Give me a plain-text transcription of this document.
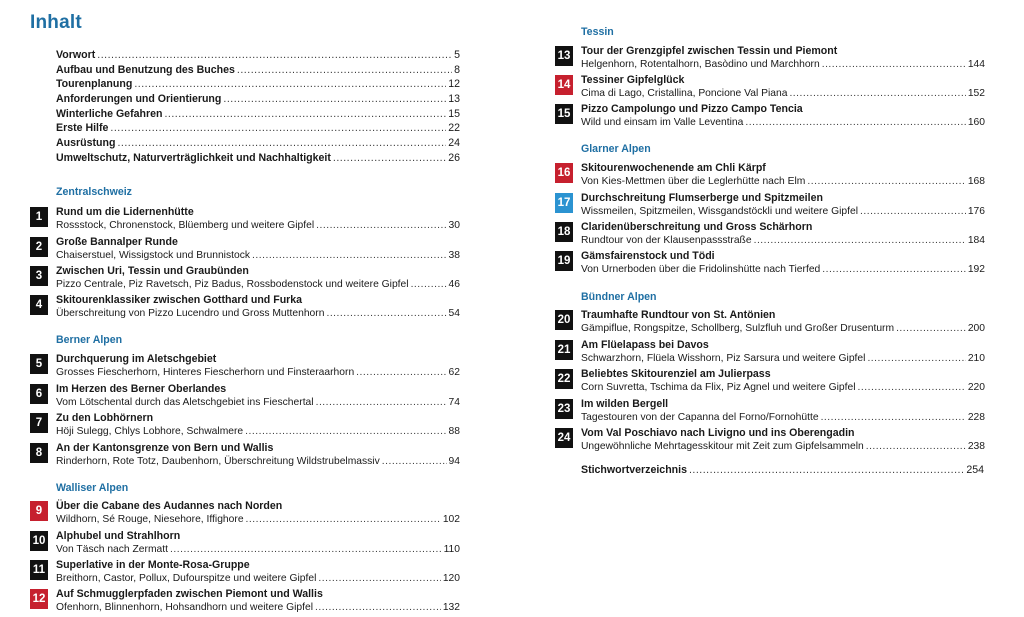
Inhalt
Vorwort .....	5
Aufbau und Benutzung des Buches .....	8
Tourenplanung .....	12
Anforderungen und Orientierung .....	13
Winterliche Gefahren .....	15
Erste Hilfe .....	22
Ausrüstung .....	24
Umweltschutz, Naturverträglichkeit und Nachhaltigkeit .....	26
Zentralschweiz
Berner Alpen
Walliser Alpen
Tessin
Glarner Alpen
Bündner Alpen
1	Rund um die Lidernenhütte
Rossstock, Chronenstock, Blüemberg und weitere Gipfel .....	30
2	Große Bannalper Runde
Chaiserstuel, Wissigstock und Brunnistock .....	38
3	Zwischen Uri, Tessin und Graubünden
Pizzo Centrale, Piz Ravetsch, Piz Badus, Rossbodenstock und weitere Gipfel .....	46
4	Skitourenklassiker zwischen Gotthard und Furka
Überschreitung von Pizzo Lucendro und Gross Muttenhorn .....	54
5	Durchquerung im Aletschgebiet
Grosses Fiescherhorn, Hinteres Fiescherhorn und Finsteraarhorn .....	62
6	Im Herzen des Berner Oberlandes
Vom Lötschental durch das Aletschgebiet ins Fieschertal .....	74
7	Zu den Lobhörnern
Höji Sulegg, Chlys Lobhore, Schwalmere .....	88
8	An der Kantonsgrenze von Bern und Wallis
Rinderhorn, Rote Totz, Daubenhorn, Überschreitung Wildstrubelmassiv .....	94
9	Über die Cabane des Audannes nach Norden
Wildhorn, Sé Rouge, Niesehore, Iffighore .....	102
10 Alphubel und Strahlhorn
Von Täsch nach Zermatt .....	110
11 Superlative in der Monte-Rosa-Gruppe
Breithorn, Castor, Pollux, Dufourspitze und weitere Gipfel .....	120
12 Auf Schmugglerpfaden zwischen Piemont und Wallis
Ofenhorn, Blinnenhorn, Hohsandhorn und weitere Gipfel .....	132
13 Tour der Grenzgipfel zwischen Tessin und Piemont
Helgenhorn, Rotentalhorn, Basòdino und Marchhorn .....	144
14 Tessiner Gipfelglück
Cima di Lago, Cristallina, Poncione Val Piana .....	152
15 Pizzo Campolungo und Pizzo Campo Tencia
Wild und einsam im Valle Leventina .....	160
16 Skitourenwochenende am Chli Kärpf
Von Kies-Mettmen über die Leglerhütte nach Elm .....	168
17 Durchschreitung Flumserberge und Spitzmeilen
Wissmeilen, Spitzmeilen, Wissgandstöckli und weitere Gipfel .....	176
18 Claridenüberschreitung und Gross Schärhorn
Rundtour von der Klausenpassstraße .....	184
19 Gämsfairenstock und Tödi
Von Urnerboden über die Fridolinshütte nach Tierfed .....	192
20 Traumhafte Rundtour von St. Antönien
Gämpiflue, Rongspitze, Schollberg, Sulzfluh und Großer Drusenturm .....	200
21 Am Flüelapass bei Davos
Schwarzhorn, Flüela Wisshorn, Piz Sarsura und weitere Gipfel .....	210
22 Beliebtes Skitourenziel am Julierpass
Corn Suvretta, Tschima da Flix, Piz Agnel und weitere Gipfel .....	220
23 Im wilden Bergell
Tagestouren von der Capanna del Forno/Fornohütte .....	228
24 Vom Val Poschiavo nach Livigno und ins Oberengadin
Ungewöhnliche Mehrtagesskitour mit Zeit zum Gipfelsammeln .....	238
Stichwortverzeichnis .....	254
